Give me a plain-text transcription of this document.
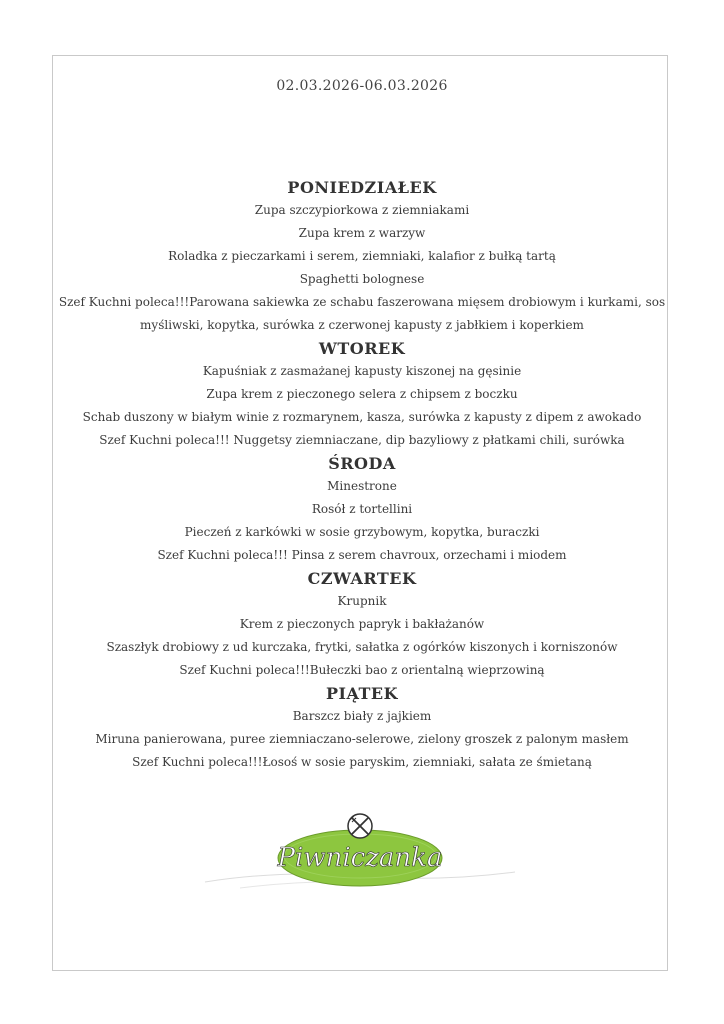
02.03.2026-06.03.2026

PONIEDZIAŁEK

Zupa szczypiorkowa z ziemniakami

Zupa krem z warzyw

Roladka z pieczarkami i serem, ziemniaki, kalafior z bułką tartą

Spaghetti bolognese

Szef Kuchni poleca!!!Parowana sakiewka ze schabu faszerowana mięsem drobiowym i kurkami, sos

myśliwski, kopytka, surówka z czerwonej kapusty z jabłkiem i koperkiem

WTOREK

Kapuśniak z zasmażanej kapusty kiszonej na gęsinie

Zupa krem z pieczonego selera z chipsem z boczku

Schab duszony w białym winie z rozmarynem, kasza, surówka z kapusty z dipem z awokado

Szef Kuchni poleca!!! Nuggetsy ziemniaczane, dip bazyliowy z płatkami chili, surówka

ŚRODA

Minestrone

Rosół z tortellini

Pieczeń z karkówki w sosie grzybowym, kopytka, buraczki

Szef Kuchni poleca!!! Pinsa z serem chavroux, orzechami i miodem

CZWARTEK

Krupnik

Krem z pieczonych papryk i bakłażanów

Szaszłyk drobiowy z ud kurczaka, frytki, sałatka z ogórków kiszonych i korniszonów

Szef Kuchni poleca!!!Bułeczki bao z orientalną wieprzowiną

PIĄTEK

Barszcz biały z jajkiem

Miruna panierowana, puree ziemniaczano-selerowe, zielony groszek z palonym masłem

Szef Kuchni poleca!!!Łosoś w sosie paryskim, ziemniaki, sałata ze śmietaną

Piwniczanka
